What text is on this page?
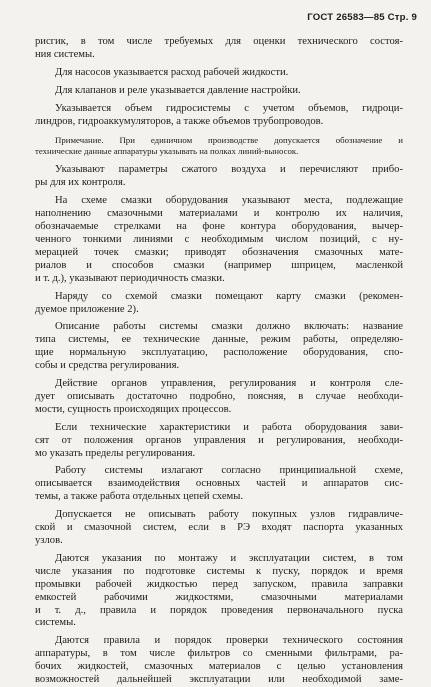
ГОСТ 26583—85 Стр. 9
рисгик, в том числе требуемых для оценки технического состоя-
ния системы.
Для насосов указывается расход рабочей жидкости.
Для клапанов и реле указывается давление настройки.
Указывается объем гидросистемы с учетом объемов, гидроци-
линдров, гидроаккумуляторов, а также объемов трубопроводов.
Примечание. При единичном производстве допускается обозначение и
технические данные аппаратуры указывать на полках линий-выносок.
Указывают параметры сжатого воздуха и перечисляют прибо-
ры для их контроля.
На схеме смазки оборудования указывают места, подлежащие
наполнению смазочными материалами и контролю их наличия,
обозначаемые стрелками на фоне контура оборудования, вычер-
ченного тонкими линиями с необходимым числом позиций, с ну-
мерацией точек смазки; приводят обозначения смазочных мате-
риалов и способов смазки (например шприцем, масленкой
и т. д.), указывают периодичность смазки.
Наряду со схемой смазки помещают карту смазки (рекомен-
дуемое приложение 2).
Описание работы системы смазки должно включать: название
типа системы, ее технические данные, режим работы, определяю-
щие нормальную эксплуатацию, расположение оборудования, спо-
собы и средства регулирования.
Действие органов управления, регулирования и контроля сле-
дует описывать достаточно подробно, поясняя, в случае необходи-
мости, сущность происходящих процессов.
Если технические характеристики и работа оборудования зави-
сят от положения органов управления и регулирования, необходи-
мо указать пределы регулирования.
Работу системы излагают согласно принципиальной схеме,
описывается взаимодействия основных частей и аппаратов сис-
темы, а также работа отдельных цепей схемы.
Допускается не описывать работу покупных узлов гидравличе-
ской и смазочной систем, если в РЭ входят паспорта указанных
узлов.
Даются указания по монтажу и эксплуатации систем, в том
числе указания по подготовке системы к пуску, порядок и время
промывки рабочей жидкостью перед запуском, правила заправки
емкостей рабочими жидкостями, смазочными материалами
и т. д., правила и порядок проведения первоначального пуска
системы.
Даются правила и порядок проверки технического состояния
аппаратуры, в том числе фильтров со сменными фильтрами, ра-
бочих жидкостей, смазочных материалов с целью установления
возможностей дальнейшей эксплуатации или необходимой заме-
